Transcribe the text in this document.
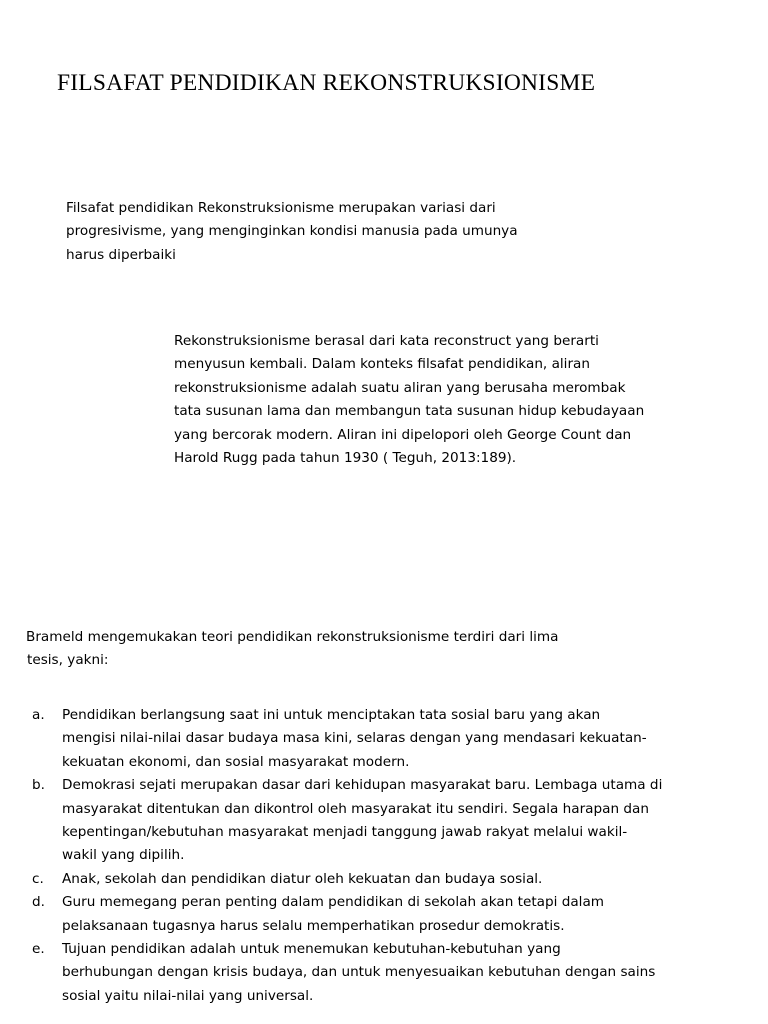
FILSAFAT PENDIDIKAN REKONSTRUKSIONISME

Filsafat pendidikan Rekonstruksionisme merupakan variasi dari
progresivisme, yang menginginkan kondisi manusia pada umunya
harus diperbaiki

Rekonstruksionisme berasal dari kata reconstruct yang berarti
menyusun kembali. Dalam konteks filsafat pendidikan, aliran
rekonstruksionisme adalah suatu aliran yang berusaha merombak
tata susunan lama dan membangun tata susunan hidup kebudayaan
yang bercorak modern. Aliran ini dipelopori oleh George Count dan
Harold Rugg pada tahun 1930 ( Teguh, 2013:189).

Brameld mengemukakan teori pendidikan rekonstruksionisme terdiri dari lima
tesis, yakni:

a. Pendidikan berlangsung saat ini untuk menciptakan tata sosial baru yang akan
mengisi nilai-nilai dasar budaya masa kini, selaras dengan yang mendasari kekuatan-
kekuatan ekonomi, dan sosial masyarakat modern.
b. Demokrasi sejati merupakan dasar dari kehidupan masyarakat baru. Lembaga utama di
masyarakat ditentukan dan dikontrol oleh masyarakat itu sendiri. Segala harapan dan
kepentingan/kebutuhan masyarakat menjadi tanggung jawab rakyat melalui wakil-
wakil yang dipilih.
c. Anak, sekolah dan pendidikan diatur oleh kekuatan dan budaya sosial.
d. Guru memegang peran penting dalam pendidikan di sekolah akan tetapi dalam
pelaksanaan tugasnya harus selalu memperhatikan prosedur demokratis.
e. Tujuan pendidikan adalah untuk menemukan kebutuhan-kebutuhan yang
berhubungan dengan krisis budaya, dan untuk menyesuaikan kebutuhan dengan sains
sosial yaitu nilai-nilai yang universal.
